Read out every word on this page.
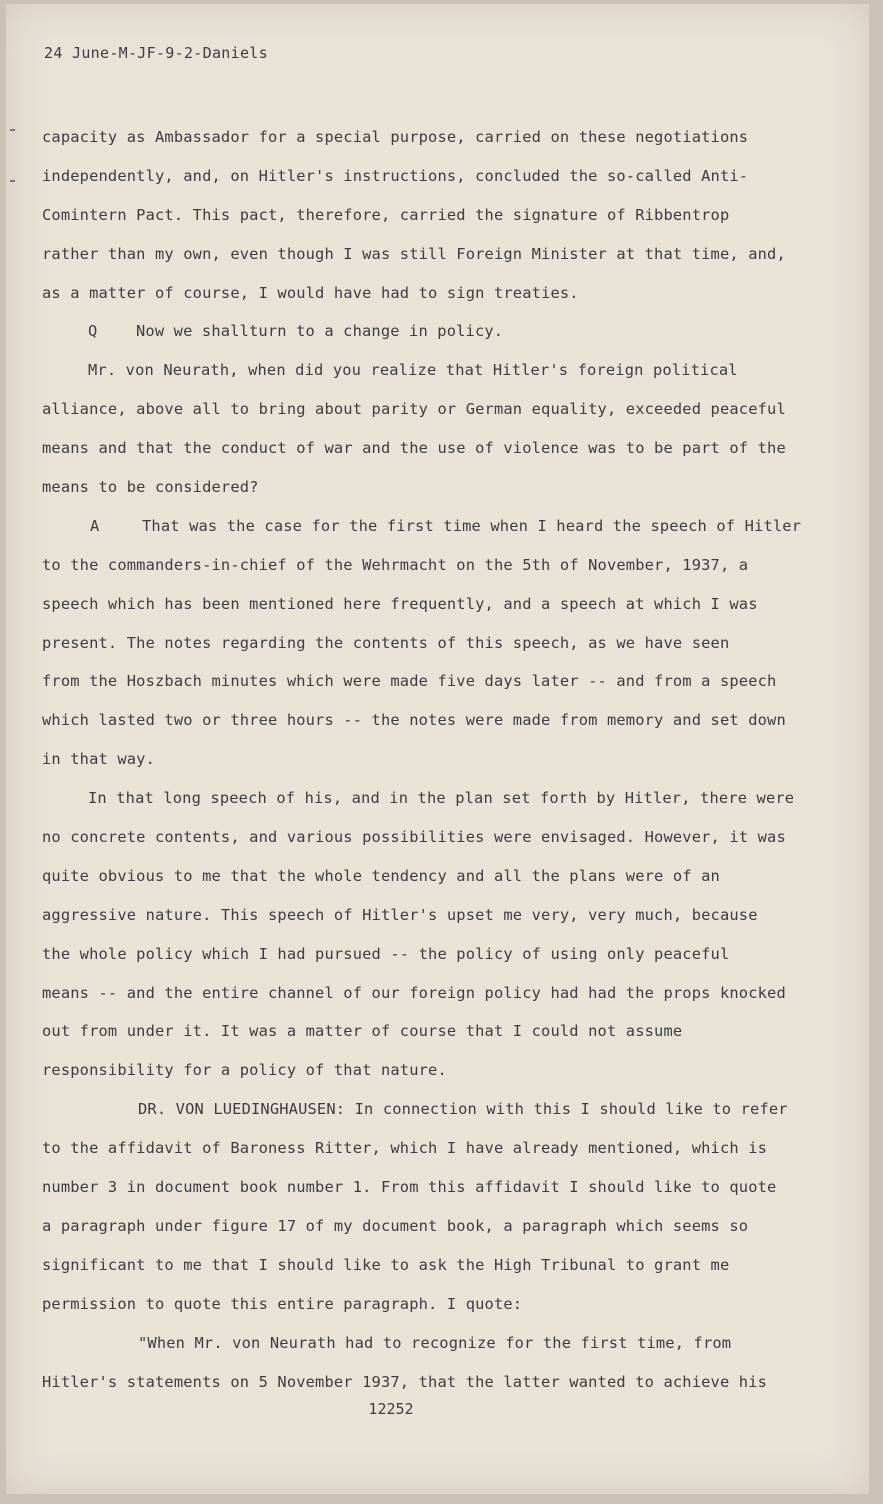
24 June-M-JF-9-2-Daniels
capacity as Ambassador for a special purpose, carried on these negotiations
independently, and, on Hitler's instructions, concluded the so-called Anti-
Comintern Pact. This pact, therefore, carried the signature of Ribbentrop
rather than my own, even though I was still Foreign Minister at that time, and,
as a matter of course, I would have had to sign treaties.
Q	Now we shallturn to a change in policy.
Mr. von Neurath, when did you realize that Hitler's foreign political
alliance, above all to bring about parity or German equality, exceeded peaceful
means and that the conduct of war and the use of violence was to be part of the
means to be considered?
A	That was the case for the first time when I heard the speech of Hitler
to the commanders-in-chief of the Wehrmacht on the 5th of November, 1937, a
speech which has been mentioned here frequently, and a speech at which I was
present. The notes regarding the contents of this speech, as we have seen
from the Hoszbach minutes which were made five days later -- and from a speech
which lasted two or three hours -- the notes were made from memory and set down
in that way.
In that long speech of his, and in the plan set forth by Hitler, there were
no concrete contents, and various possibilities were envisaged. However, it was
quite obvious to me that the whole tendency and all the plans were of an
aggressive nature. This speech of Hitler's upset me very, very much, because
the whole policy which I had pursued -- the policy of using only peaceful
means -- and the entire channel of our foreign policy had had the props knocked
out from under it. It was a matter of course that I could not assume
responsibility for a policy of that nature.
DR. VON LUEDINGHAUSEN: In connection with this I should like to refer
to the affidavit of Baroness Ritter, which I have already mentioned, which is
number 3 in document book number 1. From this affidavit I should like to quote
a paragraph under figure 17 of my document book, a paragraph which seems so
significant to me that I should like to ask the High Tribunal to grant me
permission to quote this entire paragraph. I quote:
"When Mr. von Neurath had to recognize for the first time, from
Hitler's statements on 5 November 1937, that the latter wanted to achieve his
12252
